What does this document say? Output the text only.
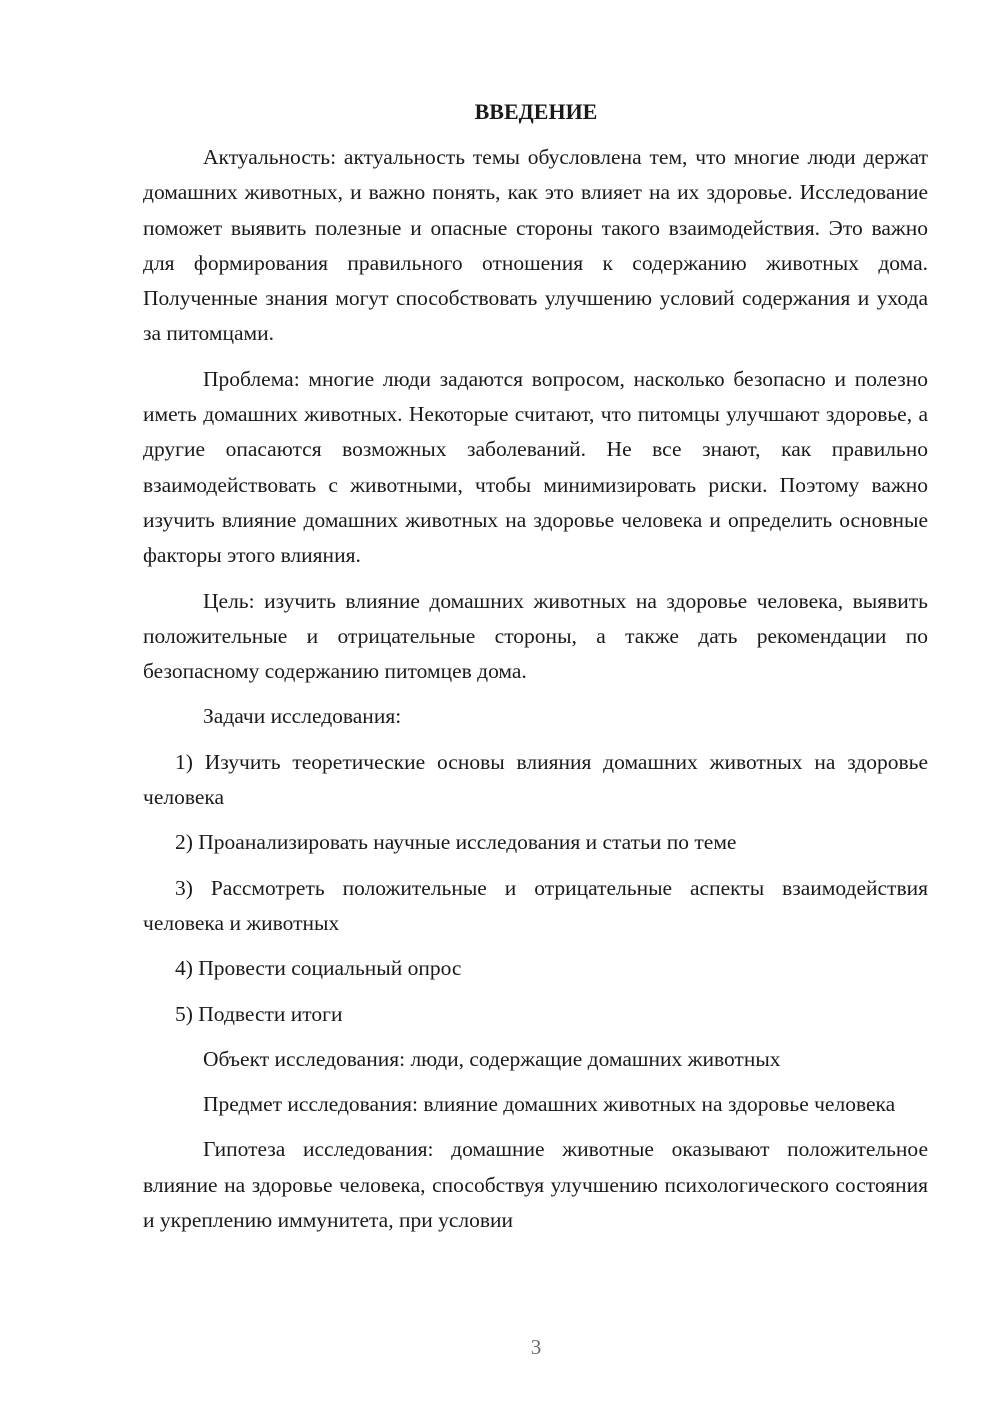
ВВЕДЕНИЕ

Актуальность: актуальность темы обусловлена тем, что многие люди держат домашних животных, и важно понять, как это влияет на их здоровье. Исследование поможет выявить полезные и опасные стороны такого взаимодействия. Это важно для формирования правильного отношения к содержанию животных дома. Полученные знания могут способствовать улучшению условий содержания и ухода за питомцами.

Проблема: многие люди задаются вопросом, насколько безопасно и полезно иметь домашних животных. Некоторые считают, что питомцы улучшают здоровье, а другие опасаются возможных заболеваний. Не все знают, как правильно взаимодействовать с животными, чтобы минимизировать риски. Поэтому важно изучить влияние домашних животных на здоровье человека и определить основные факторы этого влияния.

Цель: изучить влияние домашних животных на здоровье человека, выявить положительные и отрицательные стороны, а также дать рекомендации по безопасному содержанию питомцев дома.

Задачи исследования:

1) Изучить теоретические основы влияния домашних животных на здоровье человека

2) Проанализировать научные исследования и статьи по теме

3) Рассмотреть положительные и отрицательные аспекты взаимодействия человека и животных

4) Провести социальный опрос

5) Подвести итоги

Объект исследования: люди, содержащие домашних животных

Предмет исследования: влияние домашних животных на здоровье человека

Гипотеза исследования: домашние животные оказывают положительное влияние на здоровье человека, способствуя улучшению психологического состояния и укреплению иммунитета, при условии

3
